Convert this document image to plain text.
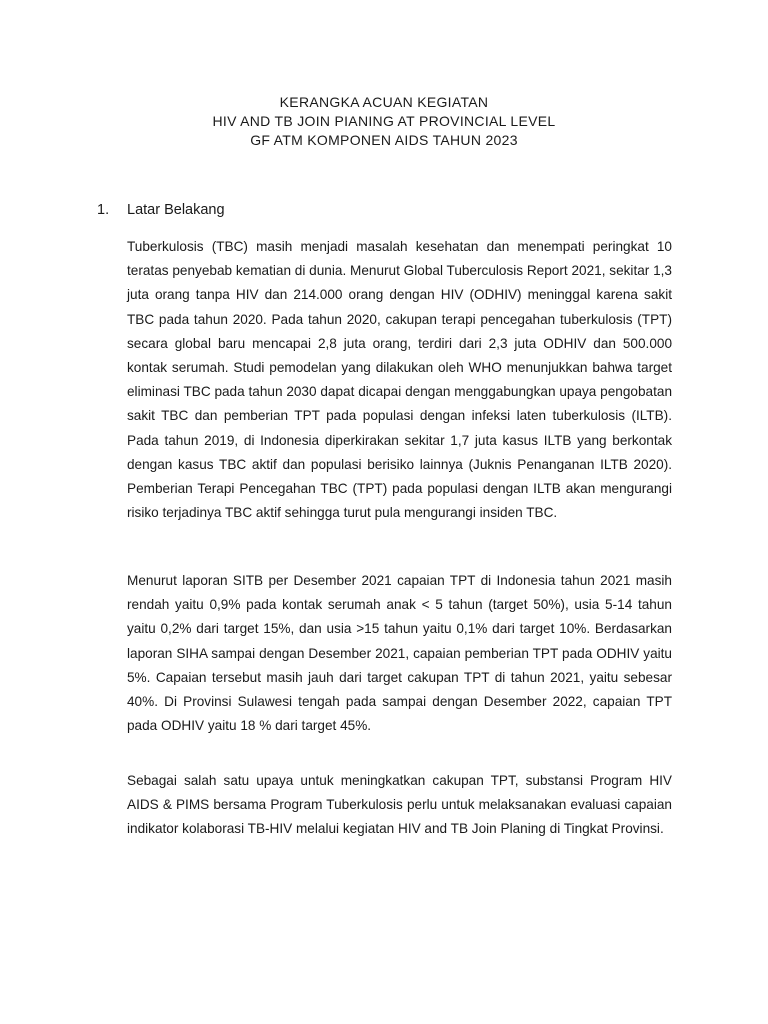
KERANGKA ACUAN KEGIATAN
HIV AND TB JOIN PIANING AT PROVINCIAL LEVEL
GF ATM KOMPONEN AIDS TAHUN 2023
1. Latar Belakang

Tuberkulosis (TBC) masih menjadi masalah kesehatan dan menempati peringkat 10 teratas penyebab kematian di dunia. Menurut Global Tuberculosis Report 2021, sekitar 1,3 juta orang tanpa HIV dan 214.000 orang dengan HIV (ODHIV) meninggal karena sakit TBC pada tahun 2020. Pada tahun 2020, cakupan terapi pencegahan tuberkulosis (TPT) secara global baru mencapai 2,8 juta orang, terdiri dari 2,3 juta ODHIV dan 500.000 kontak serumah. Studi pemodelan yang dilakukan oleh WHO menunjukkan bahwa target eliminasi TBC pada tahun 2030 dapat dicapai dengan menggabungkan upaya pengobatan sakit TBC dan pemberian TPT pada populasi dengan infeksi laten tuberkulosis (ILTB). Pada tahun 2019, di Indonesia diperkirakan sekitar 1,7 juta kasus ILTB yang berkontak dengan kasus TBC aktif dan populasi berisiko lainnya (Juknis Penanganan ILTB 2020). Pemberian Terapi Pencegahan TBC (TPT) pada populasi dengan ILTB akan mengurangi risiko terjadinya TBC aktif sehingga turut pula mengurangi insiden TBC.

Menurut laporan SITB per Desember 2021 capaian TPT di Indonesia tahun 2021 masih rendah yaitu 0,9% pada kontak serumah anak < 5 tahun (target 50%), usia 5-14 tahun yaitu 0,2% dari target 15%, dan usia >15 tahun yaitu 0,1% dari target 10%. Berdasarkan laporan SIHA sampai dengan Desember 2021, capaian pemberian TPT pada ODHIV yaitu 5%. Capaian tersebut masih jauh dari target cakupan TPT di tahun 2021, yaitu sebesar 40%. Di Provinsi Sulawesi tengah pada sampai dengan Desember 2022, capaian TPT pada ODHIV yaitu 18 % dari target 45%.

Sebagai salah satu upaya untuk meningkatkan cakupan TPT, substansi Program HIV AIDS & PIMS bersama Program Tuberkulosis perlu untuk melaksanakan evaluasi capaian indikator kolaborasi TB-HIV melalui kegiatan HIV and TB Join Planing di Tingkat Provinsi.
